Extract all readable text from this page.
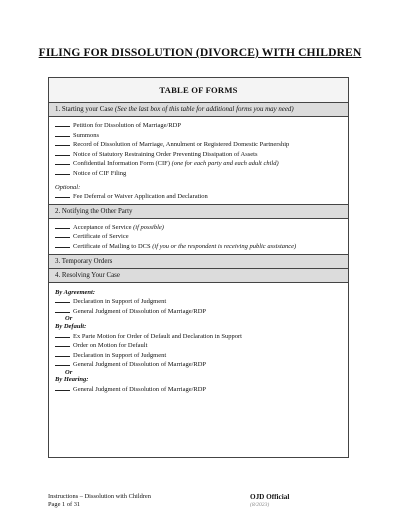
FILING FOR DISSOLUTION (DIVORCE) WITH CHILDREN
TABLE OF FORMS
1. Starting your Case (See the last box of this table for additional forms you may need)
Petition for Dissolution of Marriage/RDP
Summons
Record of Dissolution of Marriage, Annulment or Registered Domestic Partnership
Notice of Statutory Restraining Order Preventing Dissipation of Assets
Confidential Information Form (CIF) (one for each party and each adult child)
Notice of CIF Filing
Optional:
Fee Deferral or Waiver Application and Declaration
2. Notifying the Other Party
Acceptance of Service (if possible)
Certificate of Service
Certificate of Mailing to DCS (if you or the respondent is receiving public assistance)
3. Temporary Orders
4. Resolving Your Case
By Agreement:
Declaration in Support of Judgment
General Judgment of Dissolution of Marriage/RDP
Or
By Default:
Ex Parte Motion for Order of Default and Declaration in Support
Order on Motion for Default
Declaration in Support of Judgment
General Judgment of Dissolution of Marriage/RDP
Or
By Hearing:
General Judgment of Dissolution of Marriage/RDP
Instructions – Dissolution with Children
Page 1 of 31
OJD Official
(8/2023)
